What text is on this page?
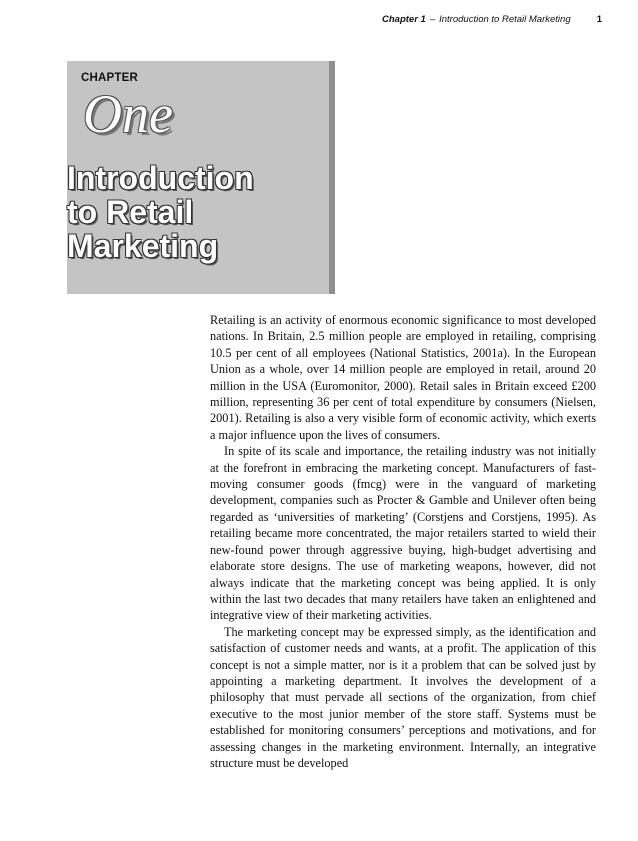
Chapter 1 – Introduction to Retail Marketing	1
CHAPTER
One
Introduction
to Retail
Marketing

Retailing is an activity of enormous economic significance to most developed nations. In Britain, 2.5 million people are employed in retailing, comprising 10.5 per cent of all employees (National Statistics, 2001a). In the European Union as a whole, over 14 million people are employed in retail, around 20 million in the USA (Euromonitor, 2000). Retail sales in Britain exceed £200 million, representing 36 per cent of total expenditure by consumers (Nielsen, 2001). Retailing is also a very visible form of economic activity, which exerts a major influence upon the lives of consumers.

In spite of its scale and importance, the retailing industry was not initially at the forefront in embracing the marketing concept. Manufacturers of fast-moving consumer goods (fmcg) were in the vanguard of marketing development, companies such as Procter & Gamble and Unilever often being regarded as ‘universities of marketing’ (Corstjens and Corstjens, 1995). As retailing became more concentrated, the major retailers started to wield their new-found power through aggressive buying, high-budget advertising and elaborate store designs. The use of marketing weapons, however, did not always indicate that the marketing concept was being applied. It is only within the last two decades that many retailers have taken an enlightened and integrative view of their marketing activities.

The marketing concept may be expressed simply, as the identification and satisfaction of customer needs and wants, at a profit. The application of this concept is not a simple matter, nor is it a problem that can be solved just by appointing a marketing department. It involves the development of a philosophy that must pervade all sections of the organization, from chief executive to the most junior member of the store staff. Systems must be established for monitoring consumers’ perceptions and motivations, and for assessing changes in the marketing environment. Internally, an integrative structure must be developed
